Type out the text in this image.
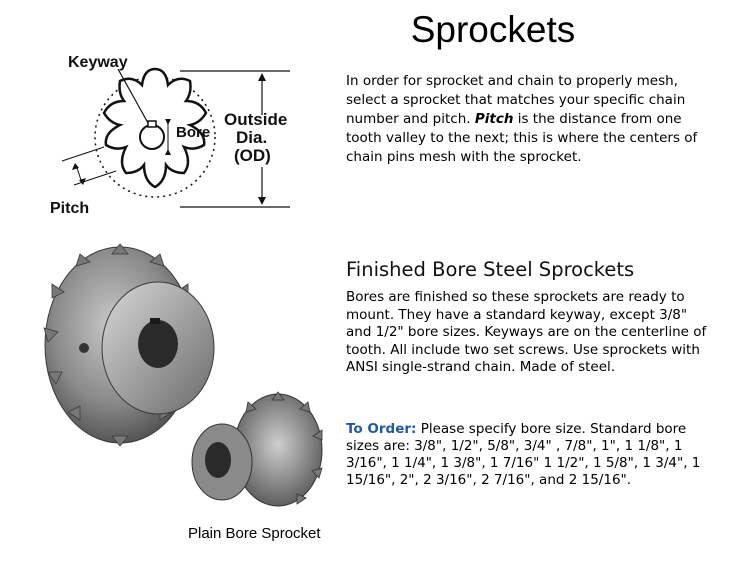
Sprockets
Keyway
Bore
Outside
Dia.
(OD)
Pitch
In order for sprocket and chain to properly mesh, select a sprocket that matches your specific chain number and pitch. Pitch is the distance from one tooth valley to the next; this is where the centers of chain pins mesh with the sprocket.
Finished Bore Steel Sprockets
Bores are finished so these sprockets are ready to mount. They have a standard keyway, except 3/8" and 1/2" bore sizes. Keyways are on the centerline of tooth. All include two set screws. Use sprockets with ANSI single-strand chain. Made of steel.
To Order: Please specify bore size. Standard bore sizes are: 3/8", 1/2", 5/8", 3/4" , 7/8", 1", 1 1/8", 1 3/16", 1 1/4", 1 3/8", 1 7/16" 1 1/2", 1 5/8", 1 3/4", 1 15/16", 2", 2 3/16", 2 7/16", and 2 15/16".
Plain Bore Sprocket
